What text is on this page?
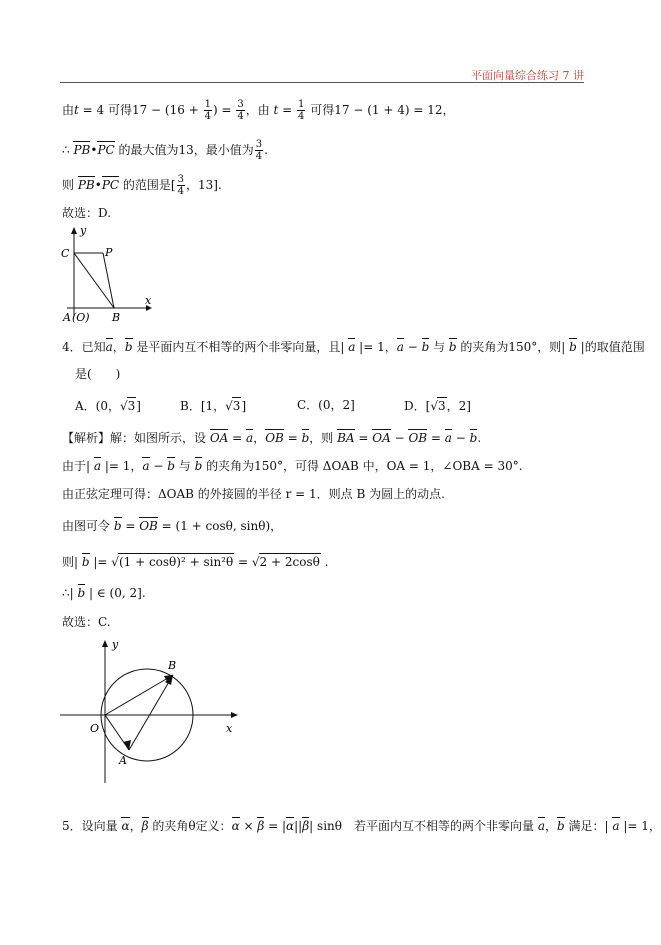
平面向量综合练习 7 讲
由t = 4 可得$17 - (16 + \frac{1}{4}$ ) = $\frac{3}{4}$ ，由 $t = \frac{1}{4}$ 可得17 − (1 + 4) = 12，
∴ PB•PC 的最大值为13，最小值为 $\frac{3}{4}$ .
则 PB•PC 的范围是[ $\frac{3}{4}$ ，13].
故选：D.
y
x
C	P
A (O) B
4．已知a，b 是平面内互不相等的两个非零向量，且| a |= 1，a − b 与 b 的夹角为150°，则| b |的取值范围
是(　　)
A．(0，√3]	B．[1，√3]	C．(0，2]	D．[√3，2]
【解析】解：如图所示，设 OA = a，OB = b，则 BA = OA − OB = a − b.
由于| a |= 1，a − b 与 b 的夹角为150°，可得 ΔOAB 中，OA = 1，∠OBA = 30°.
由正弦定理可得：ΔOAB 的外接圆的半径 r = 1．则点 B 为圆上的动点.
由图可令 b = OB = (1 + cosθ, sinθ)，
则| b |= √(1 + cosθ)² + sin²θ = √2 + 2cosθ .
∴| b | ∈ (0, 2].
故选：C.
y
x
O
A
B
5．设向量 α，β 的夹角θ定义：α × β = |α||β| sinθ　若平面内互不相等的两个非零向量 a，b 满足：| a |= 1，
